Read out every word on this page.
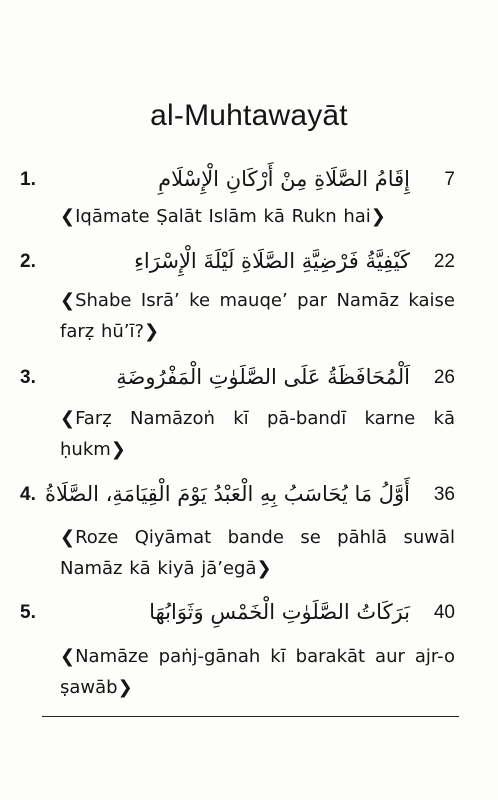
al-Muhtawayāt
1.	إِقَامُ الصَّلَاةِ مِنْ أَرْكَانِ الْإِسْلَامِ 7
❮Iqāmate Ṣalāt Islām kā Rukn hai❯
2.	كَيْفِيَّةُ فَرْضِيَّةِ الصَّلَاةِ لَيْلَةَ الْإِسْرَاءِ 22
❮Shabe Isrā’ ke mauqe’ par Namāz kaise farẓ hū’ī?❯
3.	اَلْمُحَافَظَةُ عَلَى الصَّلَوٰتِ الْمَفْرُوضَةِ 26
❮Farẓ Namāzoṅ kī pā-bandī karne kā ḥukm❯
4. أَوَّلُ مَا يُحَاسَبُ بِهِ الْعَبْدُ يَوْمَ الْقِيَامَةِ، الصَّلَاةُ 36
❮Roze Qiyāmat bande se pāhlā suwāl Namāz kā kiyā jā’egā❯
5.	بَرَكَاتُ الصَّلَوٰتِ الْخَمْسِ وَثَوَابُهَا 40
❮Namāze paṅj-gānah kī barakāt aur ajr-o ṣawāb❯
